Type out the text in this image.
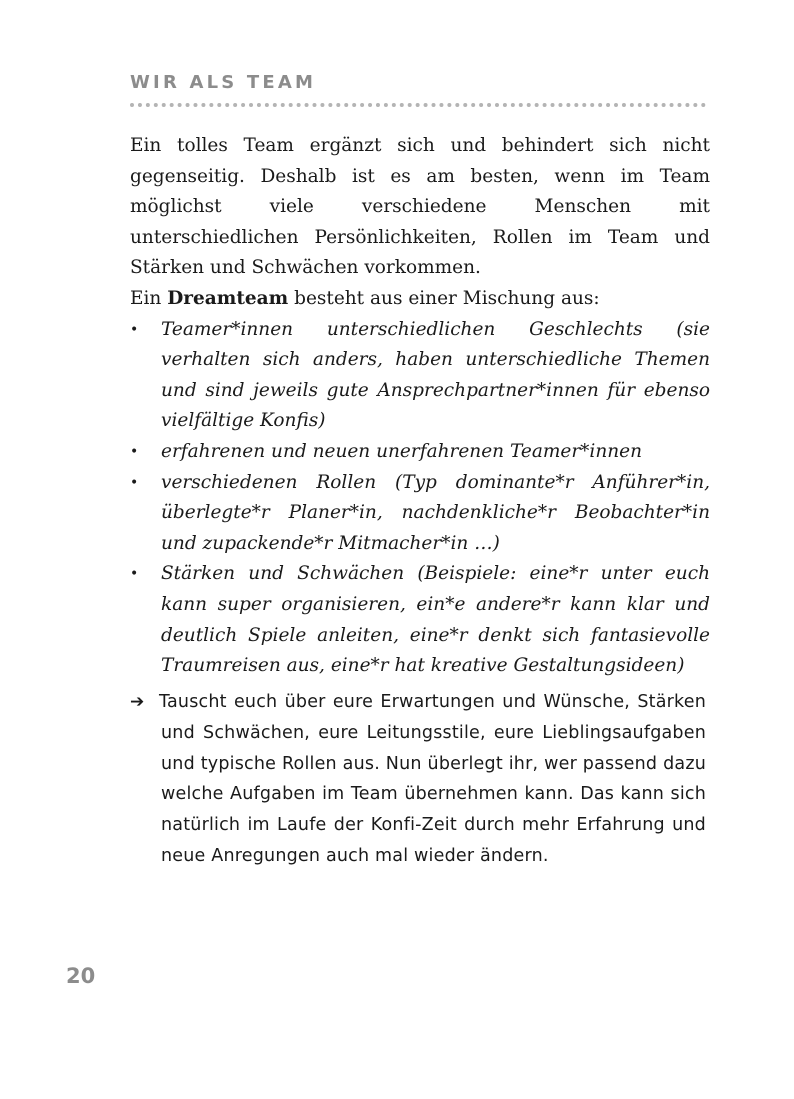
WIR ALS TEAM

Ein tolles Team ergänzt sich und behindert sich nicht gegenseitig. Deshalb ist es am besten, wenn im Team möglichst viele verschiedene Menschen mit unterschiedlichen Persönlichkeiten, Rollen im Team und Stärken und Schwächen vorkommen.

Ein Dreamteam besteht aus einer Mischung aus:

• Teamer*innen unterschiedlichen Geschlechts (sie verhalten sich anders, haben unterschiedliche Themen und sind jeweils gute Ansprechpartner*innen für ebenso vielfältige Konfis)
• erfahrenen und neuen unerfahrenen Teamer*innen
• verschiedenen Rollen (Typ dominante*r Anführer*in, überlegte*r Planer*in, nachdenkliche*r Beobachter*in und zupackende*r Mitmacher*in …)
• Stärken und Schwächen (Beispiele: eine*r unter euch kann super organisieren, ein*e andere*r kann klar und deutlich Spiele anleiten, eine*r denkt sich fantasievolle Traumreisen aus, eine*r hat kreative Gestaltungsideen)
➔ Tauscht euch über eure Erwartungen und Wünsche, Stärken und Schwächen, eure Leitungsstile, eure Lieblingsaufgaben und typische Rollen aus. Nun überlegt ihr, wer passend dazu welche Aufgaben im Team übernehmen kann. Das kann sich natürlich im Laufe der Konfi-Zeit durch mehr Erfahrung und neue Anregungen auch mal wieder ändern.

20
